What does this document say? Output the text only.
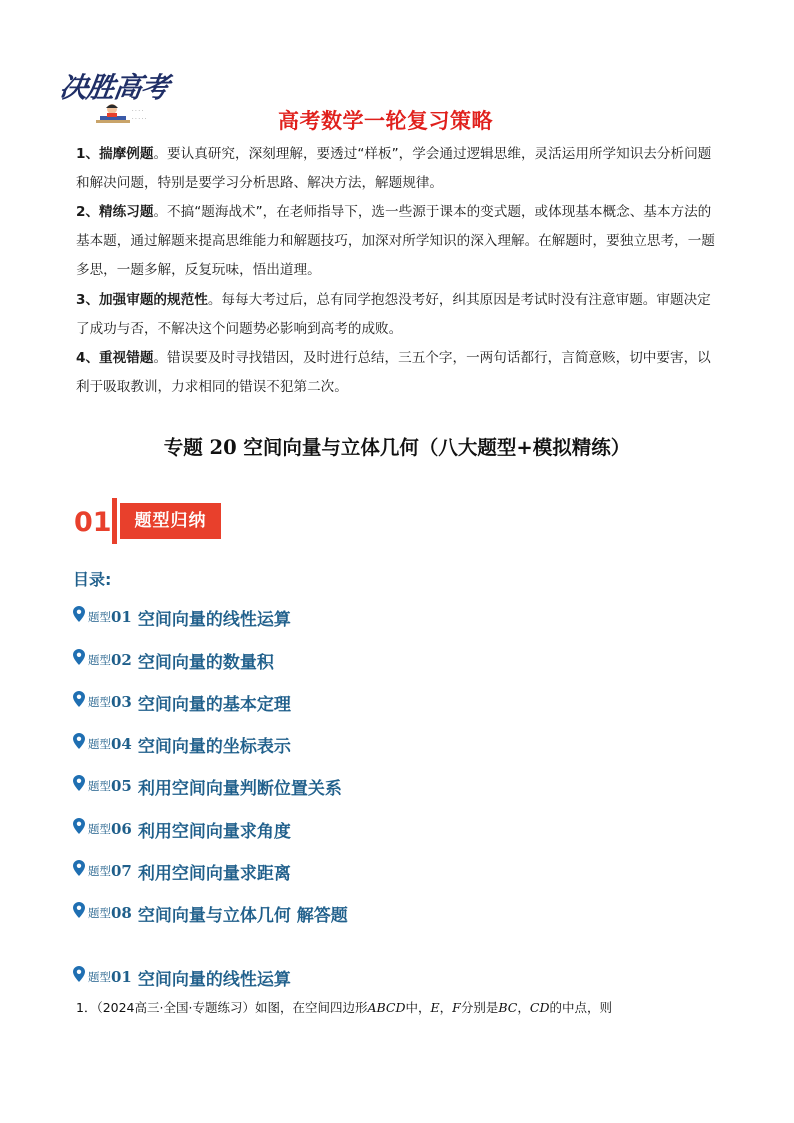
决胜高考
· · · ·
· · · · ·	高考数学一轮复习策略
1、揣摩例题。要认真研究，深刻理解，要透过“样板”，学会通过逻辑思维，灵活运用所学知识去分析问题和解决问题，特别是要学习分析思路、解决方法，解题规律。
2、精练习题。不搞“题海战术”，在老师指导下，选一些源于课本的变式题，或体现基本概念、基本方法的基本题，通过解题来提高思维能力和解题技巧，加深对所学知识的深入理解。在解题时，要独立思考，一题多思，一题多解，反复玩味，悟出道理。
3、加强审题的规范性。每每大考过后，总有同学抱怨没考好，纠其原因是考试时没有注意审题。审题决定了成功与否，不解决这个问题势必影响到高考的成败。
4、重视错题。错误要及时寻找错因，及时进行总结，三五个字，一两句话都行，言简意赅，切中要害，以利于吸取教训，力求相同的错误不犯第二次。
专题 20 空间向量与立体几何（八大题型+模拟精练）
01	题型归纳
目录:
题型 01 空间向量的线性运算
题型 02 空间向量的数量积
题型 03 空间向量的基本定理
题型 04 空间向量的坐标表示
题型 05 利用空间向量判断位置关系
题型 06 利用空间向量求角度
题型 07 利用空间向量求距离
题型 08 空间向量与立体几何 解答题
题型 01 空间向量的线性运算
1．（2024高三·全国·专题练习）如图，在空间四边形ABCD中，E，F分别是BC，CD的中点，则
